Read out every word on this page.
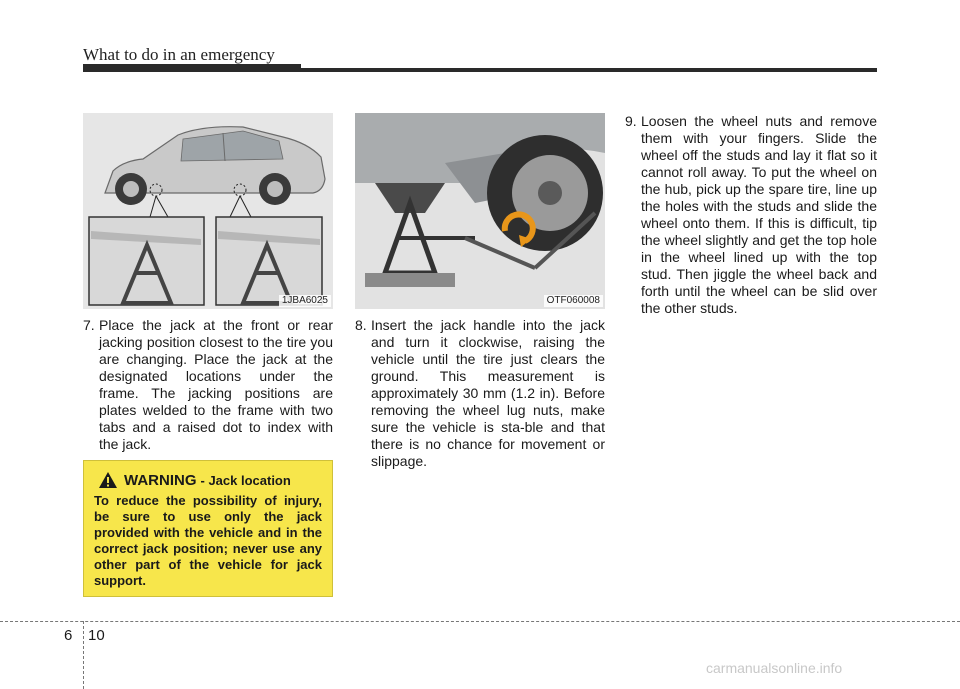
What to do in an emergency
1JBA6025	OTF060008
7. Place the jack at the front or rear jacking position closest to the tire you are changing. Place the jack at the designated locations under the frame. The jacking positions are plates welded to the frame with two tabs and a raised dot to index with the jack.
8. Insert the jack handle into the jack and turn it clockwise, raising the vehicle until the tire just clears the ground. This measurement is approximately 30 mm (1.2 in). Before removing the wheel lug nuts, make sure the vehicle is sta-ble and that there is no chance for movement or slippage.
9. Loosen the wheel nuts and remove them with your fingers. Slide the wheel off the studs and lay it flat so it cannot roll away. To put the wheel on the hub, pick up the spare tire, line up the holes with the studs and slide the wheel onto them. If this is difficult, tip the wheel slightly and get the top hole in the wheel lined up with the top stud. Then jiggle the wheel back and forth until the wheel can be slid over the other studs.
WARNING - Jack location
To reduce the possibility of injury, be sure to use only the jack provided with the vehicle and in the correct jack position; never use any other part of the vehicle for jack support.
6 10
carmanualsonline.info
